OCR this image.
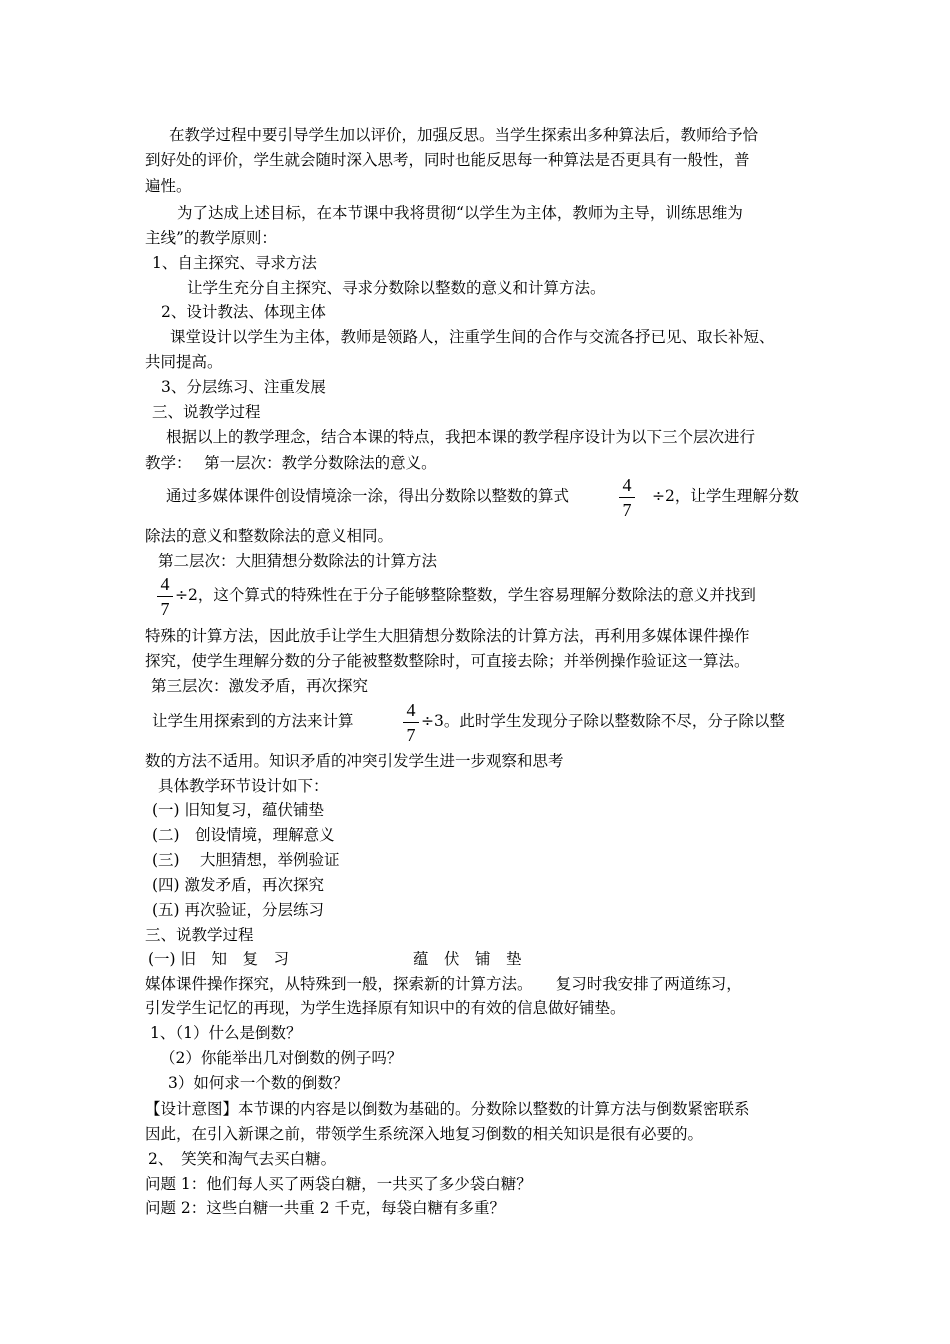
在教学过程中要引导学生加以评价，加强反思。当学生探索出多种算法后，教师给予恰
到好处的评价，学生就会随时深入思考，同时也能反思每一种算法是否更具有一般性，普
遍性。
为了达成上述目标，在本节课中我将贯彻“以学生为主体，教师为主导，训练思维为
主线”的教学原则：
1、自主探究、寻求方法
让学生充分自主探究、寻求分数除以整数的意义和计算方法。
2、设计教法、体现主体
课堂设计以学生为主体，教师是领路人，注重学生间的合作与交流各抒已见、取长补短、
共同提高。
3、分层练习、注重发展
三、说教学过程
根据以上的教学理念，结合本课的特点，我把本课的教学程序设计为以下三个层次进行
教学：　 第一层次：教学分数除法的意义。
通过多媒体课件创设情境涂一涂，得出分数除以整数的算式
4
7
÷2，让学生理解分数
除法的意义和整数除法的意义相同。
第二层次：大胆猜想分数除法的计算方法
4
7
÷2，这个算式的特殊性在于分子能够整除整数，学生容易理解分数除法的意义并找到
特殊的计算方法，因此放手让学生大胆猜想分数除法的计算方法，再利用多媒体课件操作
探究，使学生理解分数的分子能被整数整除时，可直接去除；并举例操作验证这一算法。
第三层次：激发矛盾，再次探究
让学生用探索到的方法来计算
4
7
÷3。此时学生发现分子除以整数除不尽，分子除以整
数的方法不适用。知识矛盾的冲突引发学生进一步观察和思考
具体教学环节设计如下：
(一) 旧知复习，蕴伏铺垫
(二)　创设情境，理解意义
(三)　 大胆猜想，举例验证
(四) 激发矛盾，再次探究
(五) 再次验证，分层练习
三、说教学过程
(一) 旧　知　复　习　　　　　　　　蕴　伏　铺　垫
媒体课件操作探究，从特殊到一般，探索新的计算方法。　　复习时我安排了两道练习，
引发学生记忆的再现，为学生选择原有知识中的有效的信息做好铺垫。
1、（1）什么是倒数？
（2）你能举出几对倒数的例子吗？
3）如何求一个数的倒数？
【设计意图】本节课的内容是以倒数为基础的。分数除以整数的计算方法与倒数紧密联系
因此，在引入新课之前，带领学生系统深入地复习倒数的相关知识是很有必要的。
2、　笑笑和淘气去买白糖。
问题 1：他们每人买了两袋白糖，一共买了多少袋白糖？
问题 2：这些白糖一共重 2 千克，每袋白糖有多重？
